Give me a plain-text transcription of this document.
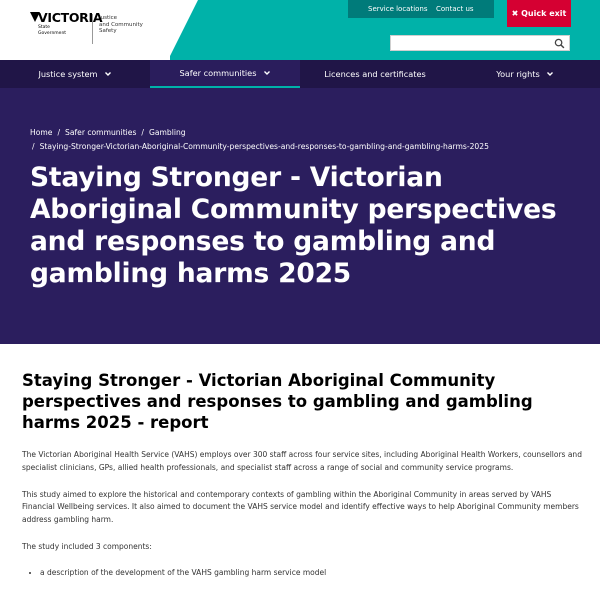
VICTORIA
State
Government
Justice
and Community
Safety
Service locations Contact us	✖ Quick exit
Justice system	Safer communities	Licences and certificates	Your rights
Home / Safer communities / Gambling
/ Staying-Stronger-Victorian-Aboriginal-Community-perspectives-and-responses-to-gambling-and-gambling-harms-2025
Staying Stronger - Victorian Aboriginal Community perspectives and responses to gambling and gambling harms 2025
Staying Stronger - Victorian Aboriginal Community perspectives and responses to gambling and gambling harms 2025 - report

The Victorian Aboriginal Health Service (VAHS) employs over 300 staff across four service sites, including Aboriginal Health Workers, counsellors and specialist clinicians, GPs, allied health professionals, and specialist staff across a range of social and community service programs.

This study aimed to explore the historical and contemporary contexts of gambling within the Aboriginal Community in areas served by VAHS Financial Wellbeing services. It also aimed to document the VAHS service model and identify effective ways to help Aboriginal Community members address gambling harm.

The study included 3 components:

• a description of the development of the VAHS gambling harm service model
